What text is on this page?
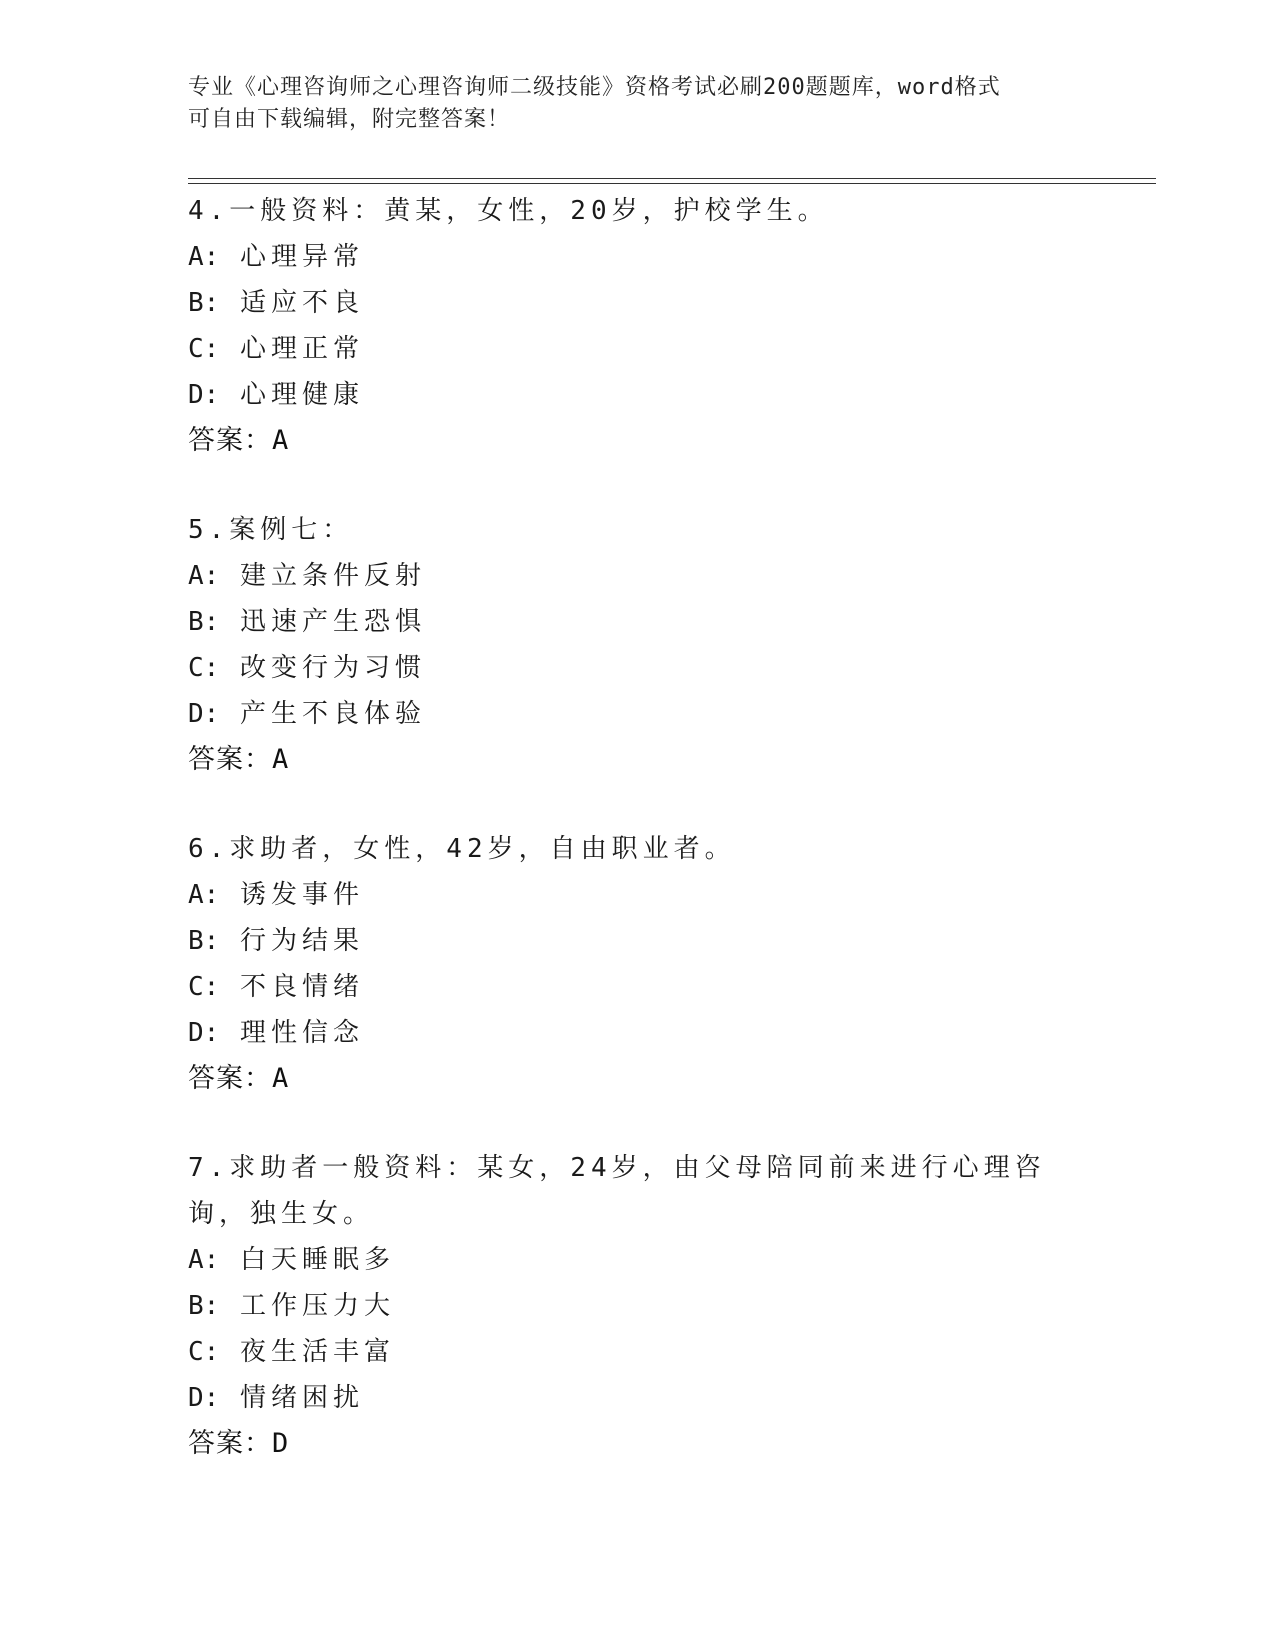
专业《心理咨询师之心理咨询师二级技能》资格考试必刷200题题库，word格式
可自由下载编辑，附完整答案！
4.一般资料：黄某，女性，20岁，护校学生。
A: 心理异常
B: 适应不良
C: 心理正常
D: 心理健康
答案：A
5.案例七：
A: 建立条件反射
B: 迅速产生恐惧
C: 改变行为习惯
D: 产生不良体验
答案：A
6.求助者，女性，42岁，自由职业者。
A: 诱发事件
B: 行为结果
C: 不良情绪
D: 理性信念
答案：A
7.求助者一般资料：某女，24岁，由父母陪同前来进行心理咨询，独生女。
A: 白天睡眠多
B: 工作压力大
C: 夜生活丰富
D: 情绪困扰
答案：D
